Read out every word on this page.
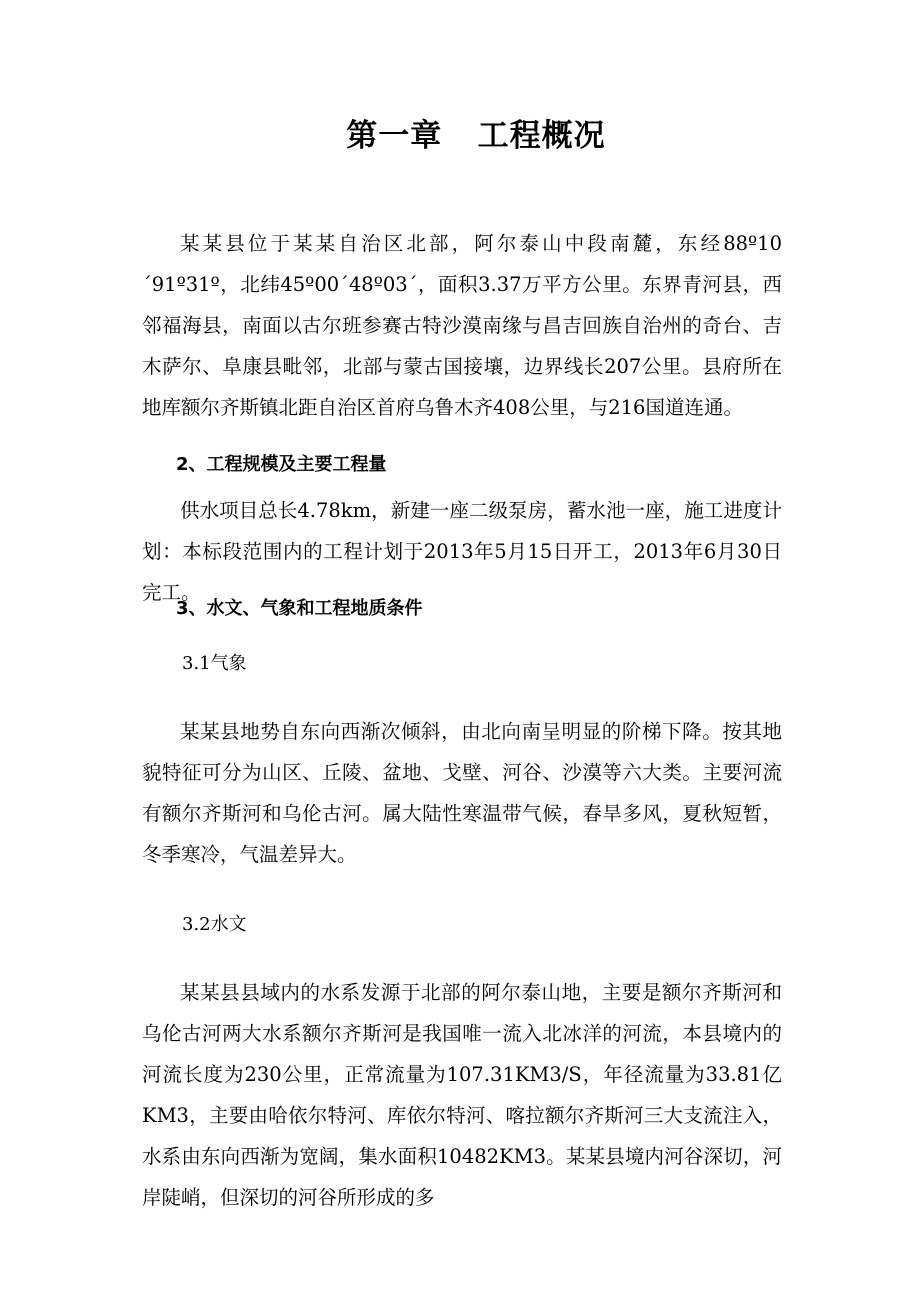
第一章   工程概况

某某县位于某某自治区北部，阿尔泰山中段南麓，东经88º10´91º31º，北纬45º00´48º03´，面积3.37万平方公里。东界青河县，西邻福海县，南面以古尔班参赛古特沙漠南缘与昌吉回族自治州的奇台、吉木萨尔、阜康县毗邻，北部与蒙古国接壤，边界线长207公里。县府所在地库额尔齐斯镇北距自治区首府乌鲁木齐408公里，与216国道连通。

2、工程规模及主要工程量

供水项目总长4.78km，新建一座二级泵房，蓄水池一座，施工进度计划：本标段范围内的工程计划于2013年5月15日开工，2013年6月30日完工。

3、水文、气象和工程地质条件

3.1气象

某某县地势自东向西渐次倾斜，由北向南呈明显的阶梯下降。按其地貌特征可分为山区、丘陵、盆地、戈壁、河谷、沙漠等六大类。主要河流有额尔齐斯河和乌伦古河。属大陆性寒温带气候，春旱多风，夏秋短暂，冬季寒冷，气温差异大。

3.2水文

某某县县域内的水系发源于北部的阿尔泰山地，主要是额尔齐斯河和乌伦古河两大水系额尔齐斯河是我国唯一流入北冰洋的河流，本县境内的河流长度为230公里，正常流量为107.31KM3/S，年径流量为33.81亿KM3，主要由哈依尔特河、库依尔特河、喀拉额尔齐斯河三大支流注入，水系由东向西渐为宽阔，集水面积10482KM3。某某县境内河谷深切，河岸陡峭，但深切的河谷所形成的多
